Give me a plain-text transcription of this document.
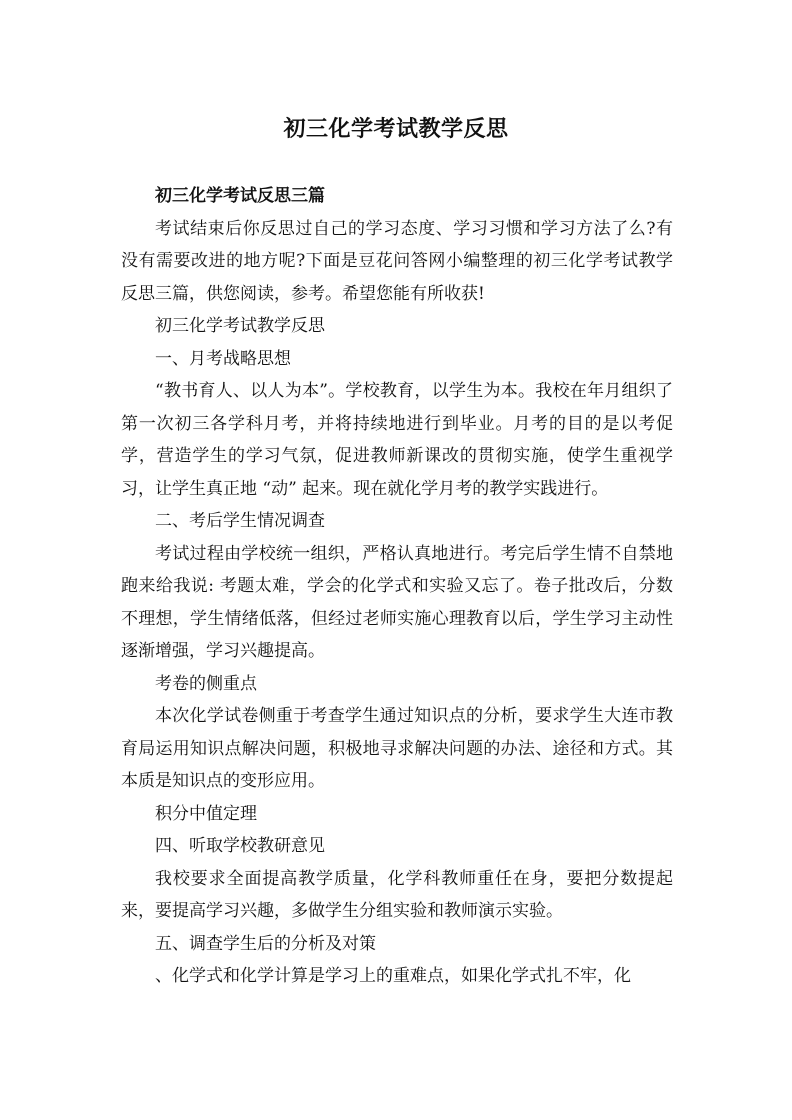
初三化学考试教学反思

初三化学考试反思三篇

考试结束后你反思过自己的学习态度、学习习惯和学习方法了么?有没有需要改进的地方呢?下面是豆花问答网小编整理的初三化学考试教学反思三篇，供您阅读，参考。希望您能有所收获!

初三化学考试教学反思

一、月考战略思想

“教书育人、以人为本”。学校教育，以学生为本。我校在年月组织了第一次初三各学科月考，并将持续地进行到毕业。月考的目的是以考促学，营造学生的学习气氛，促进教师新课改的贯彻实施，使学生重视学习，让学生真正地 “动” 起来。现在就化学月考的教学实践进行。

二、考后学生情况调查

考试过程由学校统一组织，严格认真地进行。考完后学生情不自禁地跑来给我说: 考题太难，学会的化学式和实验又忘了。卷子批改后，分数不理想，学生情绪低落，但经过老师实施心理教育以后，学生学习主动性逐渐增强，学习兴趣提高。

考卷的侧重点

本次化学试卷侧重于考查学生通过知识点的分析，要求学生大连市教育局运用知识点解决问题，积极地寻求解决问题的办法、途径和方式。其本质是知识点的变形应用。

积分中值定理

四、听取学校教研意见

我校要求全面提高教学质量，化学科教师重任在身，要把分数提起来，要提高学习兴趣，多做学生分组实验和教师演示实验。

五、调查学生后的分析及对策

、化学式和化学计算是学习上的重难点，如果化学式扎不牢，化
